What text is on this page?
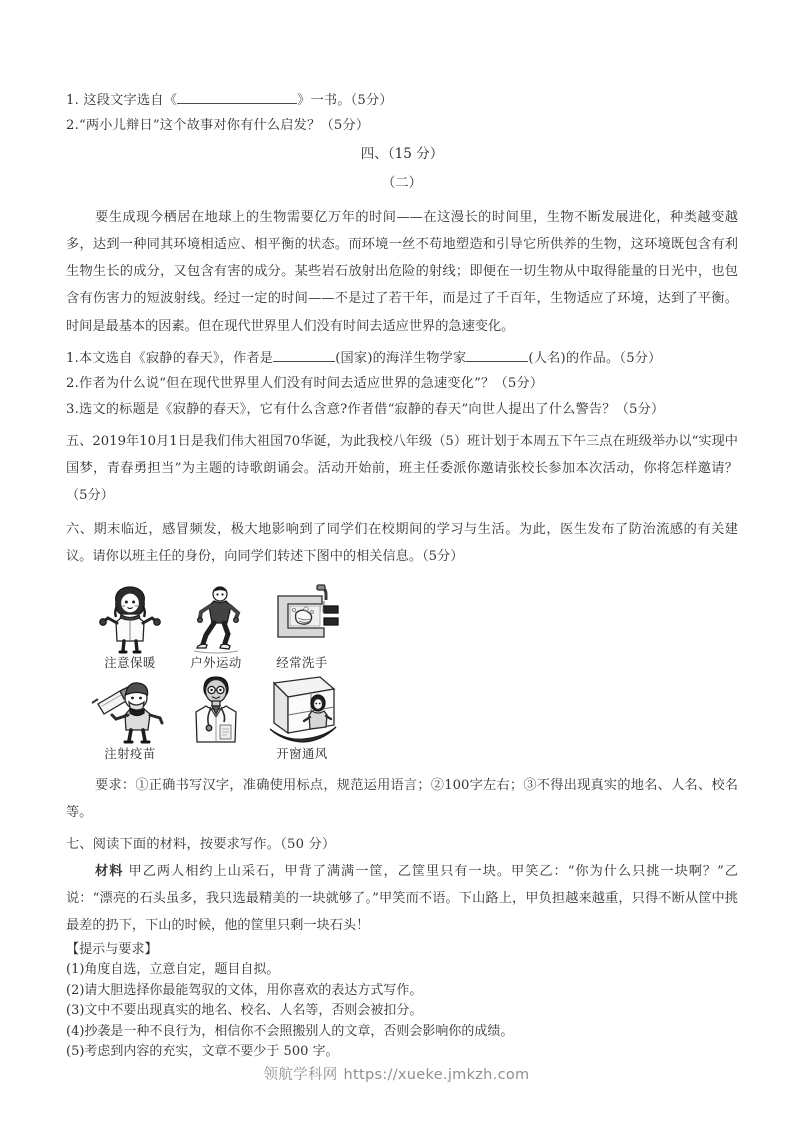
1. 这段文字选自《	》一书。（5分）
2.“两小儿辩日”这个故事对你有什么启发？（5分）
四、（15 分）
（二）
要生成现今栖居在地球上的生物需要亿万年的时间——在这漫长的时间里，生物不断发展进化，种类越变越多，达到一种同其环境相适应、相平衡的状态。而环境一丝不苟地塑造和引导它所供养的生物，这环境既包含有利生物生长的成分，又包含有害的成分。某些岩石放射出危险的射线；即便在一切生物从中取得能量的日光中，也包含有伤害力的短波射线。经过一定的时间——不是过了若干年，而是过了千百年，生物适应了环境，达到了平衡。时间是最基本的因素。但在现代世界里人们没有时间去适应世界的急速变化。
1.本文选自《寂静的春天》，作者是	(国家)的海洋生物学家	(人名)的作品。（5分）
2.作者为什么说“但在现代世界里人们没有时间去适应世界的急速变化”？（5分）
3.选文的标题是《寂静的春天》，它有什么含意?作者借“寂静的春天”向世人提出了什么警告？（5分）
五、2019年10月1日是我们伟大祖国70华诞，为此我校八年级（5）班计划于本周五下午三点在班级举办以“实现中国梦，青春勇担当”为主题的诗歌朗诵会。活动开始前，班主任委派你邀请张校长参加本次活动，你将怎样邀请？（5分）
六、期末临近，感冒频发，极大地影响到了同学们在校期间的学习与生活。为此，医生发布了防治流感的有关建议。请你以班主任的身份，向同学们转述下图中的相关信息。（5分）
注意保暖	户外运动	经常洗手
注射疫苗	开窗通风
要求：①正确书写汉字，准确使用标点，规范运用语言；②100字左右；③不得出现真实的地名、人名、校名等。
七、阅读下面的材料，按要求写作。（50 分）
材料 甲乙两人相约上山采石，甲背了满满一筐，乙筐里只有一块。甲笑乙：“你为什么只挑一块啊？”乙说：“漂亮的石头虽多，我只选最精美的一块就够了。”甲笑而不语。下山路上，甲负担越来越重，只得不断从筐中挑最差的扔下，下山的时候，他的筐里只剩一块石头！
【提示与要求】
(1)角度自选，立意自定，题目自拟。
(2)请大胆选择你最能驾驭的文体，用你喜欢的表达方式写作。
(3)文中不要出现真实的地名、校名、人名等，否则会被扣分。
(4)抄袭是一种不良行为，相信你不会照搬别人的文章，否则会影响你的成绩。
(5)考虑到内容的充实，文章不要少于 500 字。
领航学科网 https://xueke.jmkzh.com
